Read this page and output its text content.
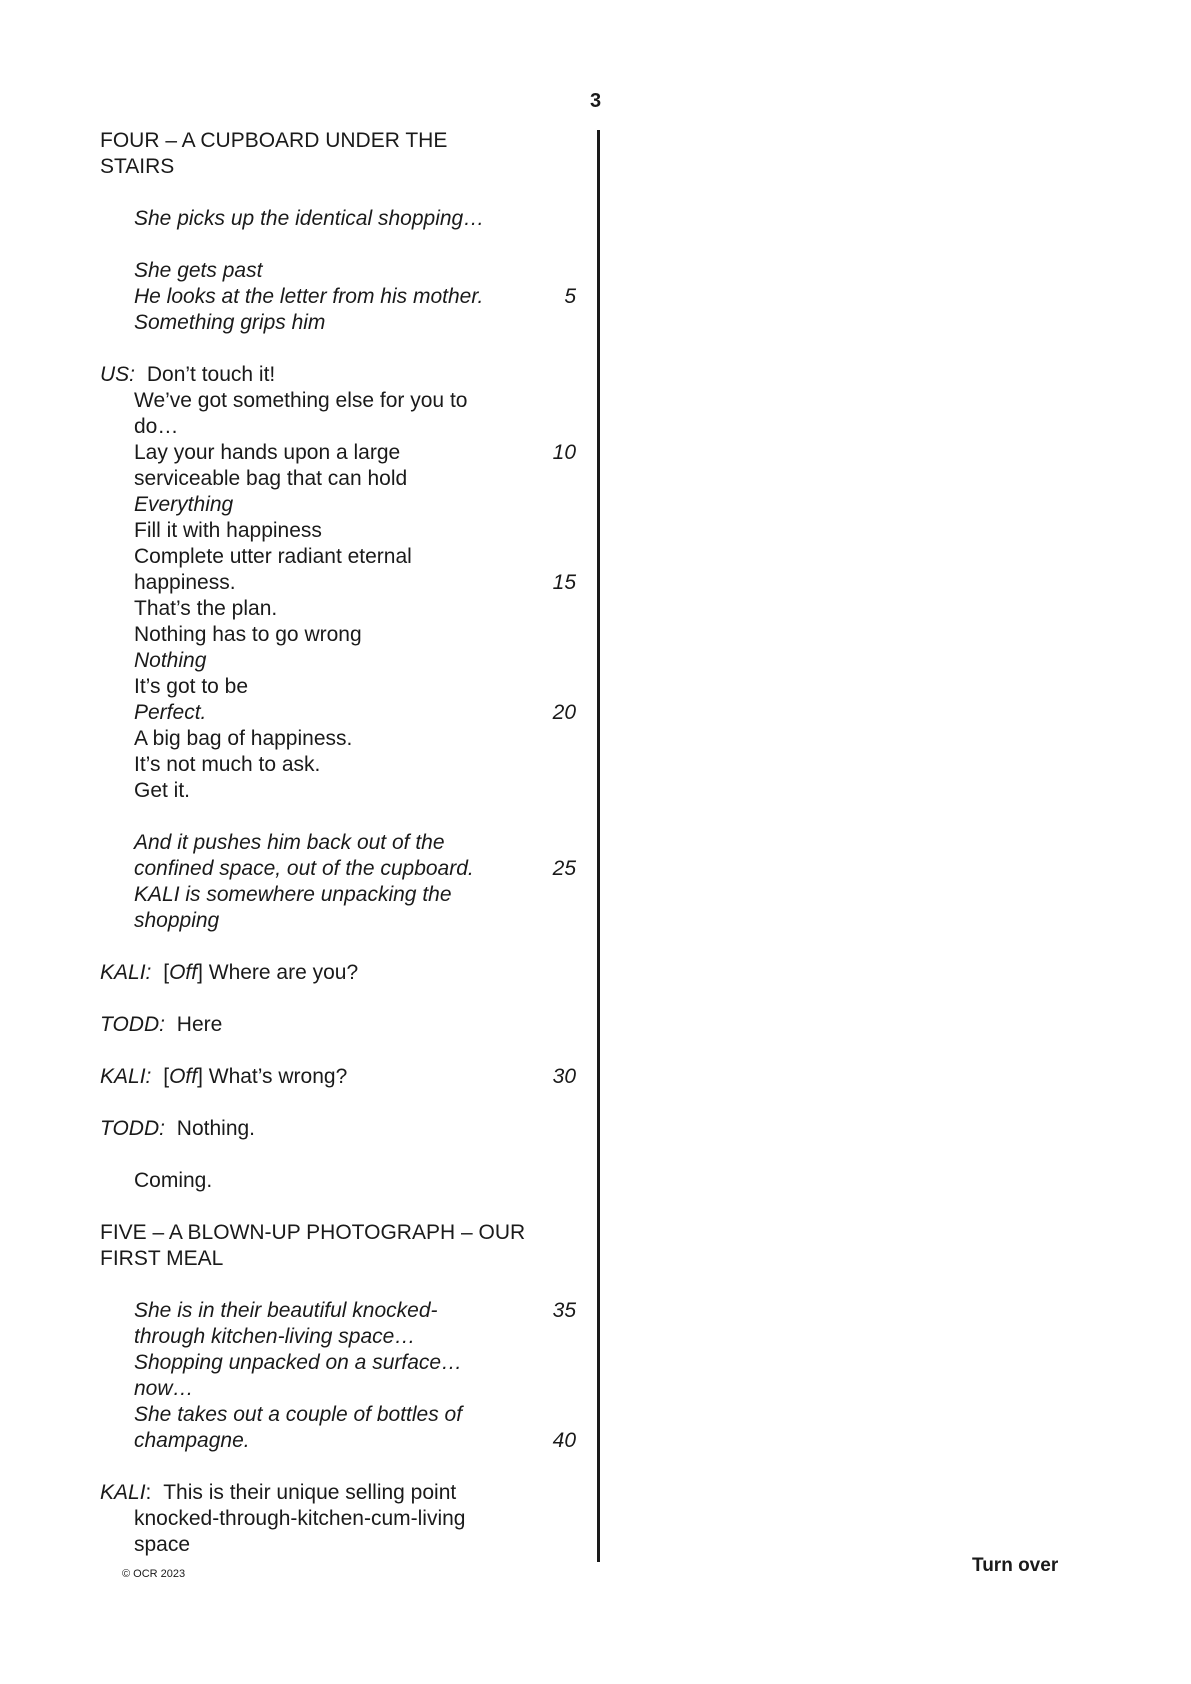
3
FOUR – A CUPBOARD UNDER THE
STAIRS
She picks up the identical shopping…
She gets past
He looks at the letter from his mother.
Something grips him
5
US: Don’t touch it!
We’ve got something else for you to
do…
Lay your hands upon a large	10
serviceable bag that can hold
Everything
Fill it with happiness
Complete utter radiant eternal
happiness.	15
That’s the plan.
Nothing has to go wrong
Nothing
It’s got to be
Perfect.	20
A big bag of happiness.
It’s not much to ask.
Get it.
And it pushes him back out of the
confined space, out of the cupboard.	25
KALI is somewhere unpacking the
shopping
KALI: [Off] Where are you?
TODD: Here
KALI: [Off] What’s wrong?	30
TODD: Nothing.
Coming.
FIVE – A BLOWN-UP PHOTOGRAPH – OUR
FIRST MEAL
She is in their beautiful knocked-	35
through kitchen-living space…
Shopping unpacked on a surface…
now…
She takes out a couple of bottles of
champagne.	40
KALI: This is their unique selling point
knocked-through-kitchen-cum-living
space
© OCR 2023	Turn over
